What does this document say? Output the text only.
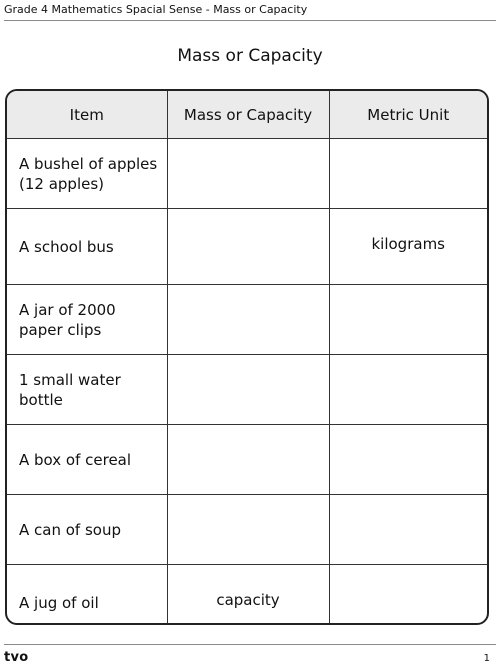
Grade 4 Mathematics Spacial Sense - Mass or Capacity
Mass or Capacity
Item	Mass or Capacity	Metric Unit
A bushel of apples (12 apples)		
A school bus		kilograms
A jar of 2000 paper clips		
1 small water bottle		
A box of cereal		
A can of soup		
A jug of oil	capacity	
tvo	1
